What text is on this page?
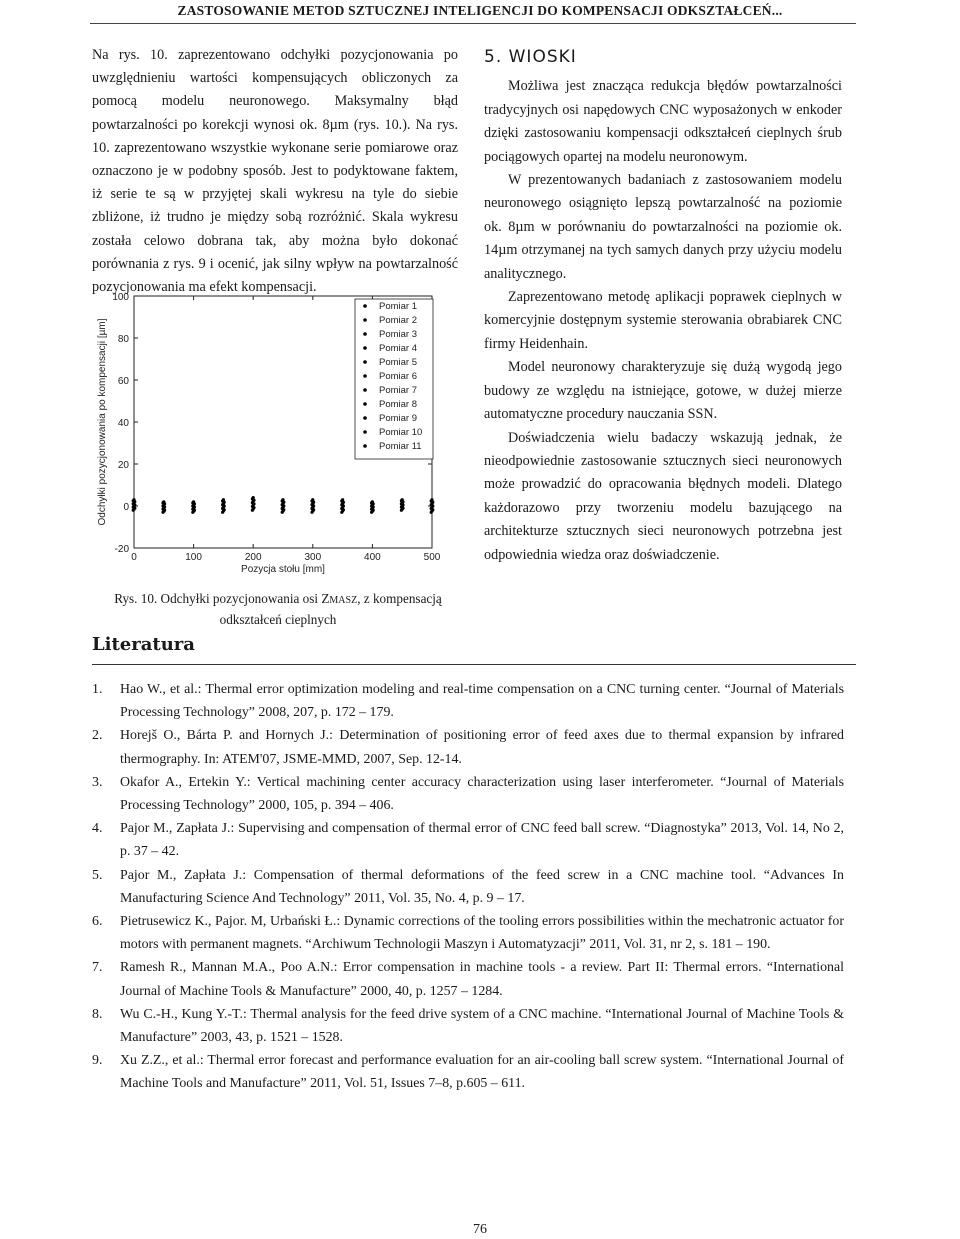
ZASTOSOWANIE METOD SZTUCZNEJ INTELIGENCJI DO KOMPENSACJI ODKSZTAŁCEŃ...

Na rys. 10. zaprezentowano odchyłki pozycjonowania po uwzględnieniu wartości kompensujących obliczonych za pomocą modelu neuronowego. Maksymalny błąd powtarzalności po korekcji wynosi ok. 8µm (rys. 10.). Na rys. 10. zaprezentowano wszystkie wykonane serie pomiarowe oraz oznaczono je w podobny sposób. Jest to podyktowane faktem, iż serie te są w przyjętej skali wykresu na tyle do siebie zbliżone, iż trudno je między sobą rozróżnić. Skala wykresu została celowo dobrana tak, aby można było dokonać porównania z rys. 9 i ocenić, jak silny wpływ na powtarzalność pozycjonowania ma efekt kompensacji.

-20
0
20
40
60
80
100
0	100	200	300	400	500
Pozycja stołu [mm]
Odchyłki pozycjonowania po kompensacji [µm]
Pomiar 1
Pomiar 2
Pomiar 3
Pomiar 4
Pomiar 5
Pomiar 6
Pomiar 7
Pomiar 8
Pomiar 9
Pomiar 10
Pomiar 11
Rys. 10. Odchyłki pozycjonowania osi ZMASZ, z kompensacją odkształceń cieplnych

5. WIOSKI

Możliwa jest znacząca redukcja błędów powtarzalności tradycyjnych osi napędowych CNC wyposażonych w enkoder dzięki zastosowaniu kompensacji odkształceń cieplnych śrub pociągowych opartej na modelu neuronowym.

W prezentowanych badaniach z zastosowaniem modelu neuronowego osiągnięto lepszą powtarzalność na poziomie ok. 8µm w porównaniu do powtarzalności na poziomie ok. 14µm otrzymanej na tych samych danych przy użyciu modelu analitycznego.

Zaprezentowano metodę aplikacji poprawek cieplnych w komercyjnie dostępnym systemie sterowania obrabiarek CNC firmy Heidenhain.

Model neuronowy charakteryzuje się dużą wygodą jego budowy ze względu na istniejące, gotowe, w dużej mierze automatyczne procedury nauczania SSN.

Doświadczenia wielu badaczy wskazują jednak, że nieodpowiednie zastosowanie sztucznych sieci neuronowych może prowadzić do opracowania błędnych modeli. Dlatego każdorazowo przy tworzeniu modelu bazującego na architekturze sztucznych sieci neuronowych potrzebna jest odpowiednia wiedza oraz doświadczenie.

Literatura
1.	Hao W., et al.: Thermal error optimization modeling and real-time compensation on a CNC turning center. “Journal of Materials Processing Technology” 2008, 207, p. 172 – 179.
2.	Horejš O., Bárta P. and Hornych J.: Determination of positioning error of feed axes due to thermal expansion by infrared thermography. In: ATEM'07, JSME-MMD, 2007, Sep. 12-14.
3.	Okafor A., Ertekin Y.: Vertical machining center accuracy characterization using laser interferometer. “Journal of Materials Processing Technology” 2000, 105, p. 394 – 406.
4.	Pajor M., Zapłata J.: Supervising and compensation of thermal error of CNC feed ball screw. “Diagnostyka” 2013, Vol. 14, No 2, p. 37 – 42.
5.	Pajor M., Zapłata J.: Compensation of thermal deformations of the feed screw in a CNC machine tool. “Advances In Manufacturing Science And Technology” 2011, Vol. 35, No. 4, p. 9 – 17.
6.	Pietrusewicz K., Pajor. M, Urbański Ł.: Dynamic corrections of the tooling errors possibilities within the mechatronic actuator for motors with permanent magnets. “Archiwum Technologii Maszyn i Automatyzacji” 2011, Vol. 31, nr 2, s. 181 – 190.
7.	Ramesh R., Mannan M.A., Poo A.N.: Error compensation in machine tools - a review. Part II: Thermal errors. “International Journal of Machine Tools & Manufacture” 2000, 40, p. 1257 – 1284.
8.	Wu C.-H., Kung Y.-T.: Thermal analysis for the feed drive system of a CNC machine. “International Journal of Machine Tools & Manufacture” 2003, 43, p. 1521 – 1528.
9.	Xu Z.Z., et al.: Thermal error forecast and performance evaluation for an air-cooling ball screw system. “International Journal of Machine Tools and Manufacture” 2011, Vol. 51, Issues 7–8, p.605 – 611.
76
